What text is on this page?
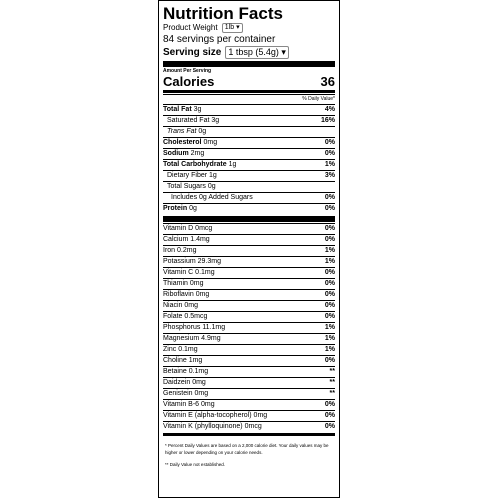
Nutrition Facts
Product Weight 1lb ▾
84 servings per container
Serving size 1 tbsp (5.4g) ▾
Amount Per Serving
Calories	36
% Daily Value*
Total Fat 3g	4%
Saturated Fat 3g	16%
Trans Fat 0g
Cholesterol 0mg	0%
Sodium 2mg	0%
Total Carbohydrate 1g	1%
Dietary Fiber 1g	3%
Total Sugars 0g
Includes 0g Added Sugars	0%
Protein 0g	0%
Vitamin D 0mcg	0%
Calcium 1.4mg	0%
Iron 0.2mg	1%
Potassium 29.3mg	1%
Vitamin C 0.1mg	0%
Thiamin 0mg	0%
Riboflavin 0mg	0%
Niacin 0mg	0%
Folate 0.5mcg	0%
Phosphorus 11.1mg	1%
Magnesium 4.9mg	1%
Zinc 0.1mg	1%
Choline 1mg	0%
Betaine 0.1mg	**
Daidzein 0mg	**
Genistein 0mg	**
Vitamin B-6 0mg	0%
Vitamin E (alpha-tocopherol) 0mg	0%
Vitamin K (phylloquinone) 0mcg	0%
* Percent Daily Values are based on a 2,000 calorie diet. Your daily values may be higher or lower depending on your calorie needs.
** Daily Value not established.
